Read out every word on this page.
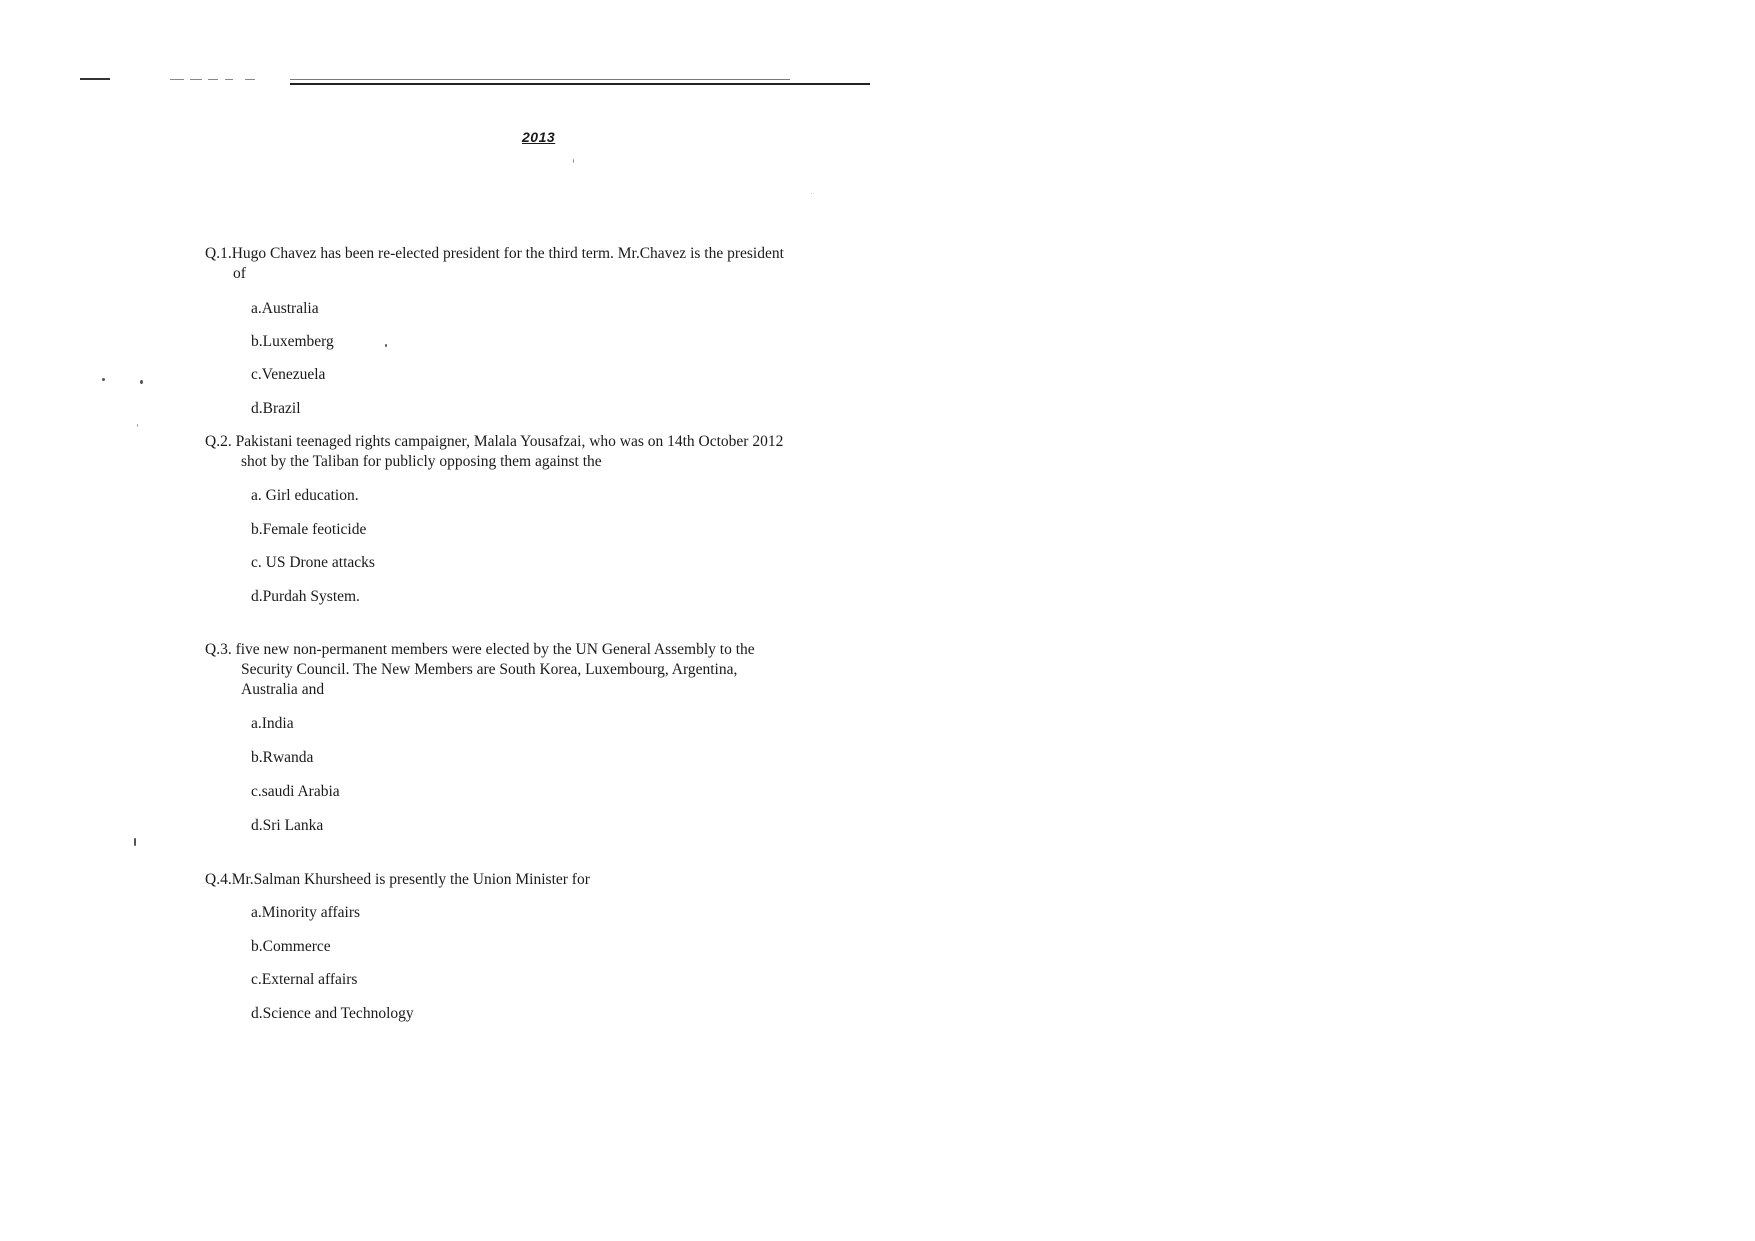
2013
Q.1.Hugo Chavez has been re-elected president for the third term. Mr.Chavez is the president
of
a.Australia
b.Luxemberg
c.Venezuela
d.Brazil
Q.2. Pakistani teenaged rights campaigner, Malala Yousafzai, who was on 14th October 2012
shot by the Taliban for publicly opposing them against the
a. Girl education.
b.Female feoticide
c. US Drone attacks
d.Purdah System.
Q.3. five new non-permanent members were elected by the UN General Assembly to the
Security Council. The New Members are South Korea, Luxembourg, Argentina,
Australia and
a.India
b.Rwanda
c.saudi Arabia
d.Sri Lanka
Q.4.Mr.Salman Khursheed is presently the Union Minister for
a.Minority affairs
b.Commerce
c.External affairs
d.Science and Technology
